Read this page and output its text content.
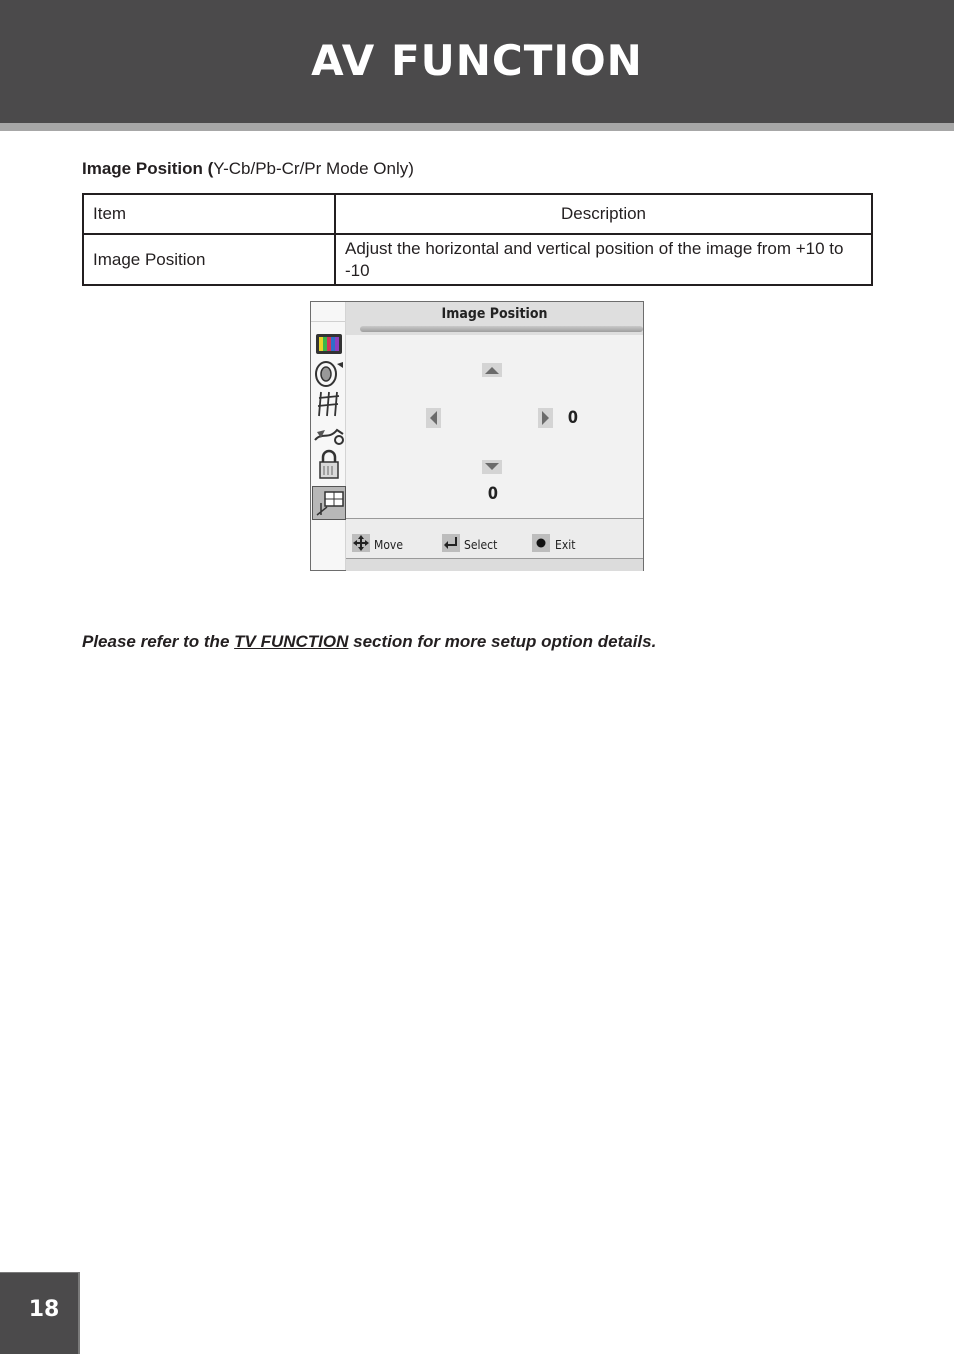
AV FUNCTION
Image Position (Y-Cb/Pb-Cr/Pr Mode Only)
Item	Description
Image Position	Adjust the horizontal and vertical position of the image from +10 to -10
Image Position
0
0
Move	Select	Exit
Please refer to the TV FUNCTION section for more setup option details.
18
